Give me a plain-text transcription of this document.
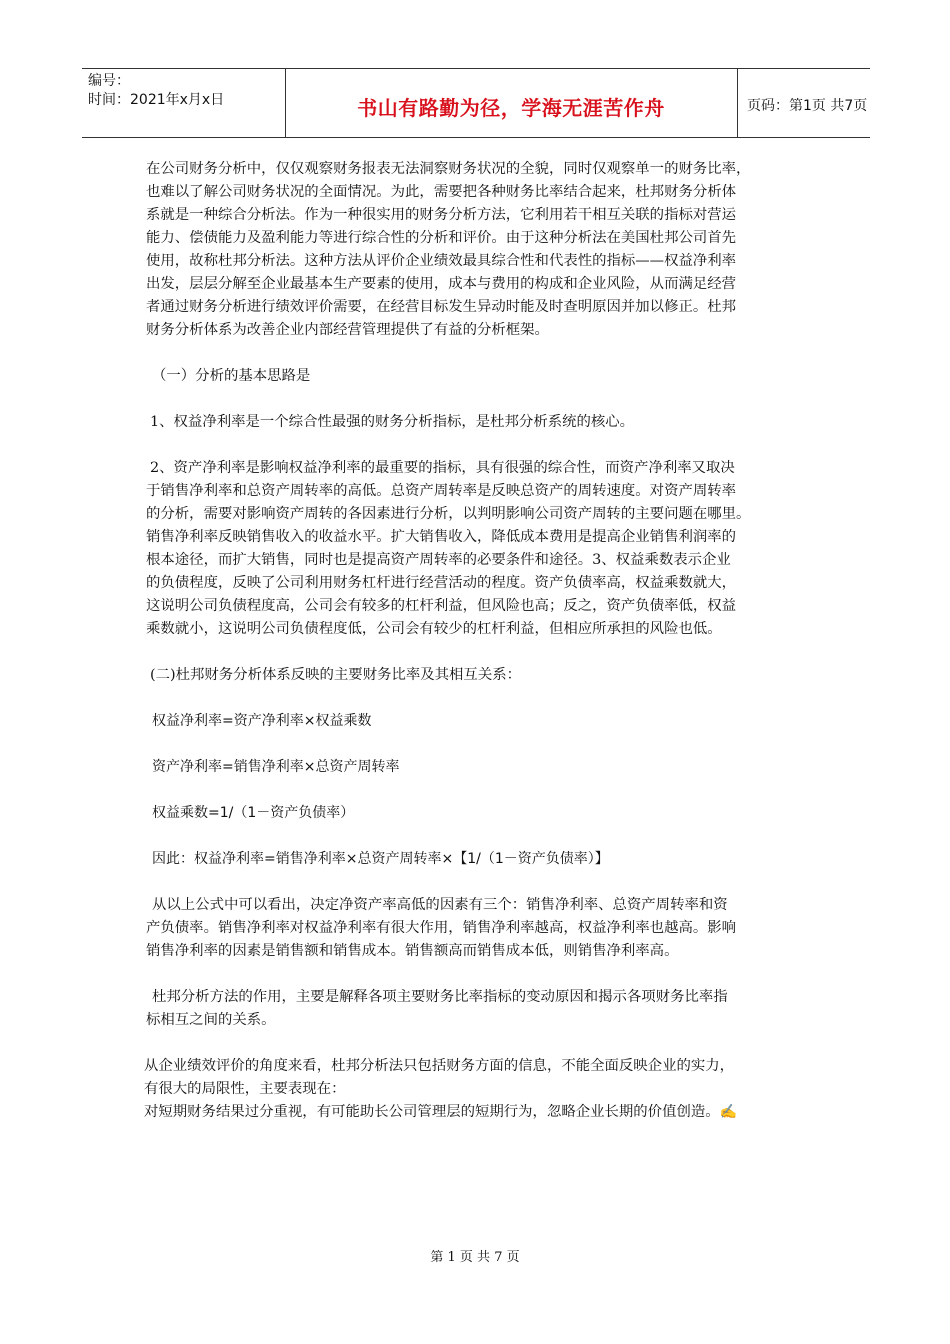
编号：
时间：2021年x月x日	书山有路勤为径，学海无涯苦作舟	页码：第1页 共7页

在公司财务分析中，仅仅观察财务报表无法洞察财务状况的全貌，同时仅观察单一的财务比率，
也难以了解公司财务状况的全面情况。为此，需要把各种财务比率结合起来，杜邦财务分析体
系就是一种综合分析法。作为一种很实用的财务分析方法，它利用若干相互关联的指标对营运
能力、偿债能力及盈利能力等进行综合性的分析和评价。由于这种分析法在美国杜邦公司首先
使用，故称杜邦分析法。这种方法从评价企业绩效最具综合性和代表性的指标——权益净利率
出发，层层分解至企业最基本生产要素的使用，成本与费用的构成和企业风险，从而满足经营
者通过财务分析进行绩效评价需要，在经营目标发生异动时能及时查明原因并加以修正。杜邦
财务分析体系为改善企业内部经营管理提供了有益的分析框架。

（一）分析的基本思路是

1、权益净利率是一个综合性最强的财务分析指标，是杜邦分析系统的核心。

2、资产净利率是影响权益净利率的最重要的指标，具有很强的综合性，而资产净利率又取决
于销售净利率和总资产周转率的高低。总资产周转率是反映总资产的周转速度。对资产周转率
的分析，需要对影响资产周转的各因素进行分析，以判明影响公司资产周转的主要问题在哪里。
销售净利率反映销售收入的收益水平。扩大销售收入，降低成本费用是提高企业销售利润率的
根本途径，而扩大销售，同时也是提高资产周转率的必要条件和途径。3、权益乘数表示企业
的负债程度，反映了公司利用财务杠杆进行经营活动的程度。资产负债率高，权益乘数就大，
这说明公司负债程度高，公司会有较多的杠杆利益，但风险也高；反之，资产负债率低，权益
乘数就小，这说明公司负债程度低，公司会有较少的杠杆利益，但相应所承担的风险也低。

(二)杜邦财务分析体系反映的主要财务比率及其相互关系：

权益净利率=资产净利率×权益乘数

资产净利率=销售净利率×总资产周转率

权益乘数=1/（1－资产负债率）

因此：权益净利率=销售净利率×总资产周转率×【1/（1－资产负债率）】

从以上公式中可以看出，决定净资产率高低的因素有三个：销售净利率、总资产周转率和资
产负债率。销售净利率对权益净利率有很大作用，销售净利率越高，权益净利率也越高。影响
销售净利率的因素是销售额和销售成本。销售额高而销售成本低，则销售净利率高。

杜邦分析方法的作用，主要是解释各项主要财务比率指标的变动原因和揭示各项财务比率指
标相互之间的关系。

从企业绩效评价的角度来看，杜邦分析法只包括财务方面的信息，不能全面反映企业的实力，
有很大的局限性，主要表现在：
对短期财务结果过分重视，有可能助长公司管理层的短期行为，忽略企业长期的价值创造。✍

第 1 页 共 7 页
